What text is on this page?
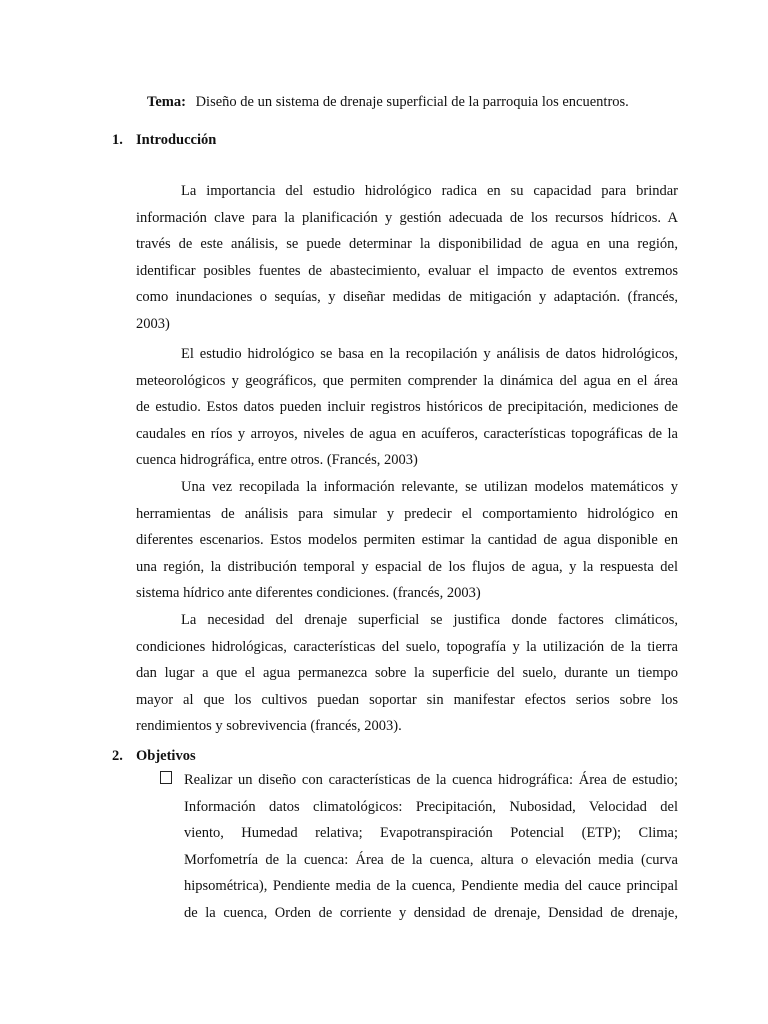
Tema: Diseño de un sistema de drenaje superficial de la parroquia los encuentros.
1. Introducción

La importancia del estudio hidrológico radica en su capacidad para brindar
información clave para la planificación y gestión adecuada de los recursos hídricos. A
través de este análisis, se puede determinar la disponibilidad de agua en una región,
identificar posibles fuentes de abastecimiento, evaluar el impacto de eventos extremos
como inundaciones o sequías, y diseñar medidas de mitigación y adaptación. (francés,
2003)

El estudio hidrológico se basa en la recopilación y análisis de datos hidrológicos,
meteorológicos y geográficos, que permiten comprender la dinámica del agua en el área
de estudio. Estos datos pueden incluir registros históricos de precipitación, mediciones de
caudales en ríos y arroyos, niveles de agua en acuíferos, características topográficas de la
cuenca hidrográfica, entre otros. (Francés, 2003)

Una vez recopilada la información relevante, se utilizan modelos matemáticos y
herramientas de análisis para simular y predecir el comportamiento hidrológico en
diferentes escenarios. Estos modelos permiten estimar la cantidad de agua disponible en
una región, la distribución temporal y espacial de los flujos de agua, y la respuesta del
sistema hídrico ante diferentes condiciones. (francés, 2003)

La necesidad del drenaje superficial se justifica donde factores climáticos,
condiciones hidrológicas, características del suelo, topografía y la utilización de la tierra
dan lugar a que el agua permanezca sobre la superficie del suelo, durante un tiempo
mayor al que los cultivos puedan soportar sin manifestar efectos serios sobre los
rendimientos y sobrevivencia (francés, 2003).

2. Objetivos

Realizar un diseño con características de la cuenca hidrográfica: Área de estudio;
Información datos climatológicos: Precipitación, Nubosidad, Velocidad del
viento, Humedad relativa; Evapotranspiración Potencial (ETP); Clima;
Morfometría de la cuenca: Área de la cuenca, altura o elevación media (curva
hipsométrica), Pendiente media de la cuenca, Pendiente media del cauce principal
de la cuenca, Orden de corriente y densidad de drenaje, Densidad de drenaje,
